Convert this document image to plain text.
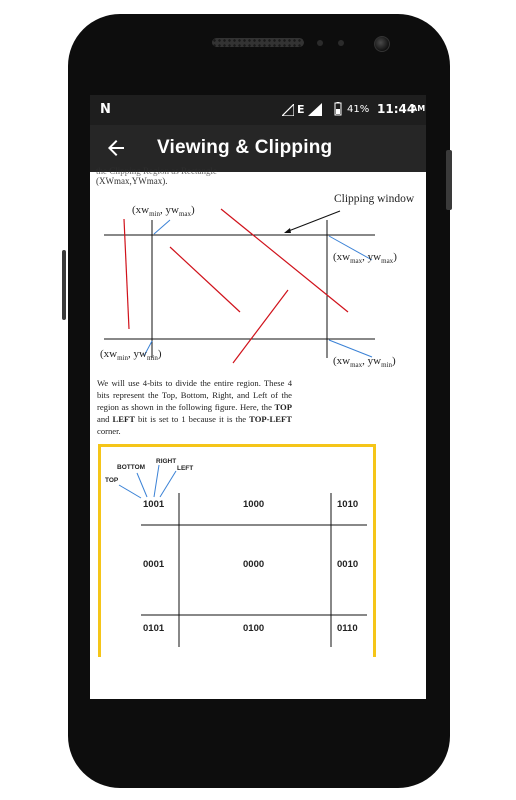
N	E	41% 11:44
AM
Viewing & Clipping
the Clipping Region as Rectangle
(XWmax,YWmax).
($xw_{min}$, $yw_{max}$)
Clipping window
($xw_{max}$, $yw_{max}$)
($xw_{min}$, $yw_{min}$)
($xw_{max}$, $yw_{min}$)
We will use 4-bits to divide the entire region. These 4 bits represent the Top, Bottom, Right, and Left of the region as shown in the following figure. Here, the TOP and LEFT bit is set to 1 because it is the TOP-LEFT corner.
TOP
BOTTOM
RIGHT
LEFT
1001	1000	1010
0001	0000	0010
0101	0100	0110
